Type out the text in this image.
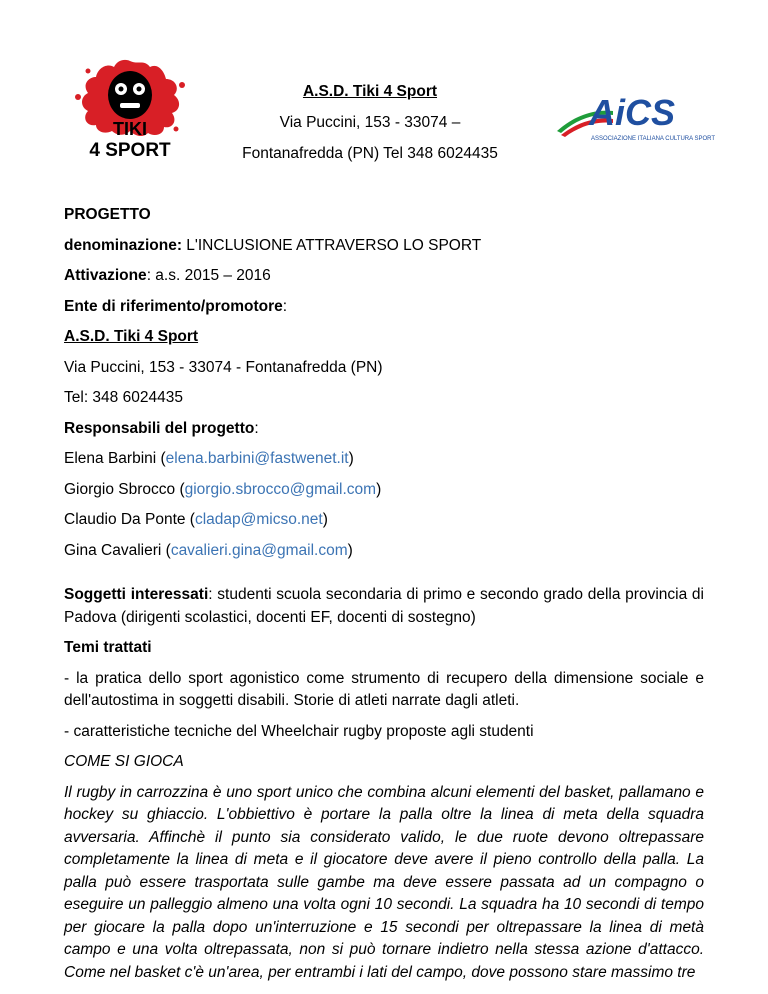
TIKI
4 SPORT
A.S.D. Tiki 4 Sport
Via Puccini, 153 - 33074 –
Fontanafredda (PN) Tel 348 6024435
AiCS
ASSOCIAZIONE ITALIANA CULTURA SPORT
PROGETTO
denominazione: L'INCLUSIONE ATTRAVERSO LO SPORT
Attivazione: a.s. 2015 – 2016
Ente di riferimento/promotore:
A.S.D. Tiki 4 Sport
Via Puccini, 153 - 33074 - Fontanafredda (PN)
Tel: 348 6024435
Responsabili del progetto:
Elena Barbini (elena.barbini@fastwenet.it)
Giorgio Sbrocco (giorgio.sbrocco@gmail.com)
Claudio Da Ponte (cladap@micso.net)
Gina Cavalieri (cavalieri.gina@gmail.com)
Soggetti interessati: studenti scuola secondaria di primo e secondo grado della provincia di Padova (dirigenti scolastici, docenti EF, docenti di sostegno)
Temi trattati
- la pratica dello sport agonistico come strumento di recupero della dimensione sociale e dell'autostima in soggetti disabili. Storie di atleti narrate dagli atleti.
- caratteristiche tecniche del Wheelchair rugby proposte agli studenti
COME SI GIOCA
Il rugby in carrozzina è uno sport unico che combina alcuni elementi del basket, pallamano e hockey su ghiaccio. L'obbiettivo è portare la palla oltre la linea di meta della squadra avversaria. Affinchè il punto sia considerato valido, le due ruote devono oltrepassare completamente la linea di meta e il giocatore deve avere il pieno controllo della palla. La palla può essere trasportata sulle gambe ma deve essere passata ad un compagno o eseguire un palleggio almeno una volta ogni 10 secondi. La squadra ha 10 secondi di tempo per giocare la palla dopo un'interruzione e 15 secondi per oltrepassare la linea di metà campo e una volta oltrepassata, non si può tornare indietro nella stessa azione d'attacco. Come nel basket c'è un'area, per entrambi i lati del campo, dove possono stare massimo tre
